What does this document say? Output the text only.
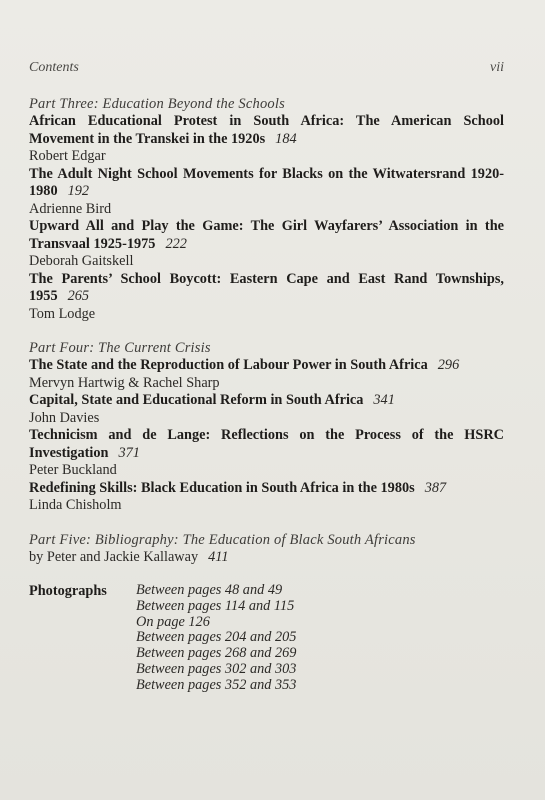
Contents	vii
Part Three: Education Beyond the Schools
African Educational Protest in South Africa: The American School Movement in the Transkei in the 1920s 184
Robert Edgar
The Adult Night School Movements for Blacks on the Witwatersrand 1920-1980 192
Adrienne Bird
Upward All and Play the Game: The Girl Wayfarers’ Association in the Transvaal 1925-1975 222
Deborah Gaitskell
The Parents’ School Boycott: Eastern Cape and East Rand Townships, 1955 265
Tom Lodge
Part Four: The Current Crisis
The State and the Reproduction of Labour Power in South Africa 296
Mervyn Hartwig & Rachel Sharp
Capital, State and Educational Reform in South Africa 341
John Davies
Technicism and de Lange: Reflections on the Process of the HSRC Investigation 371
Peter Buckland
Redefining Skills: Black Education in South Africa in the 1980s 387
Linda Chisholm
Part Five: Bibliography: The Education of Black South Africans
by Peter and Jackie Kallaway 411
Photographs	Between pages 48 and 49
Between pages 114 and 115
On page 126
Between pages 204 and 205
Between pages 268 and 269
Between pages 302 and 303
Between pages 352 and 353
